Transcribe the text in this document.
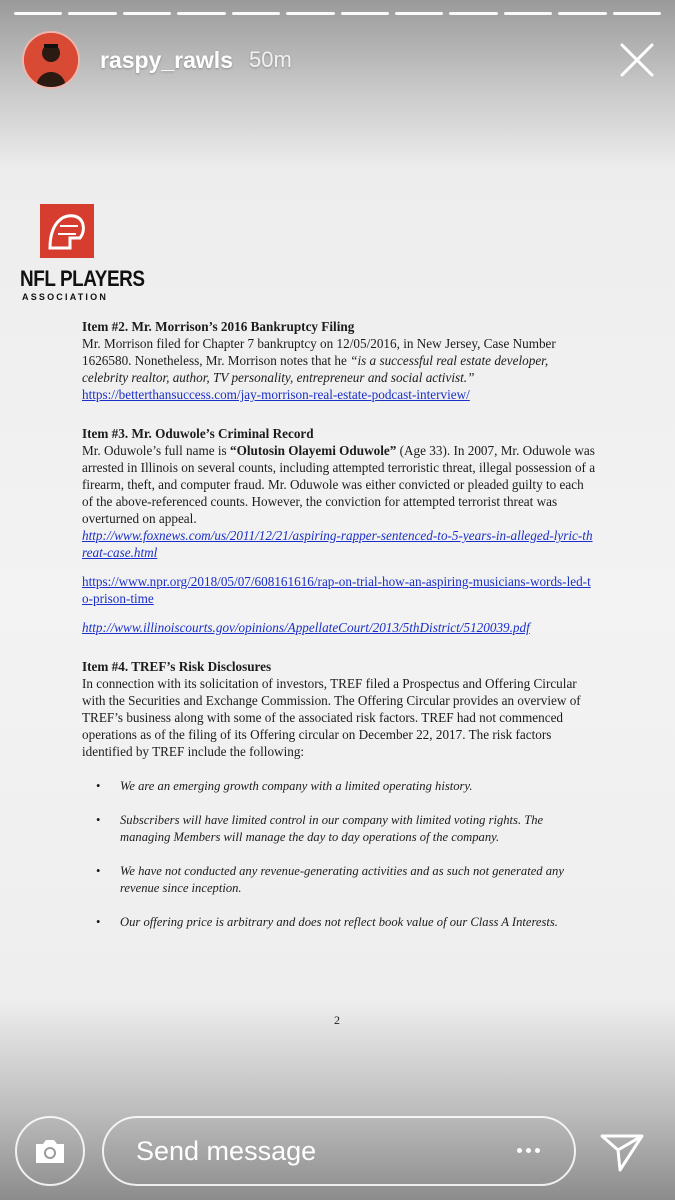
raspy_rawls 50m
NFL PLAYERS
ASSOCIATION

Item #2. Mr. Morrison’s 2016 Bankruptcy Filing

Mr. Morrison filed for Chapter 7 bankruptcy on 12/05/2016, in New Jersey, Case Number 1626580. Nonetheless, Mr. Morrison notes that he “is a successful real estate developer, celebrity realtor, author, TV personality, entrepreneur and social activist.” https://betterthansuccess.com/jay-morrison-real-estate-podcast-interview/

Item #3. Mr. Oduwole’s Criminal Record

Mr. Oduwole’s full name is “Olutosin Olayemi Oduwole” (Age 33). In 2007, Mr. Oduwole was arrested in Illinois on several counts, including attempted terroristic threat, illegal possession of a firearm, theft, and computer fraud. Mr. Oduwole was either convicted or pleaded guilty to each of the above-referenced counts. However, the conviction for attempted terrorist threat was overturned on appeal.

http://www.foxnews.com/us/2011/12/21/aspiring-rapper-sentenced-to-5-years-in-alleged-lyric-threat-case.html
https://www.npr.org/2018/05/07/608161616/rap-on-trial-how-an-aspiring-musicians-words-led-to-prison-time
http://www.illinoiscourts.gov/opinions/AppellateCourt/2013/5thDistrict/5120039.pdf

Item #4. TREF’s Risk Disclosures

In connection with its solicitation of investors, TREF filed a Prospectus and Offering Circular with the Securities and Exchange Commission. The Offering Circular provides an overview of TREF’s business along with some of the associated risk factors. TREF had not commenced operations as of the filing of its Offering circular on December 22, 2017. The risk factors identified by TREF include the following:

• We are an emerging growth company with a limited operating history.
• Subscribers will have limited control in our company with limited voting rights. The managing Members will manage the day to day operations of the company.
• We have not conducted any revenue-generating activities and as such not generated any revenue since inception.
• Our offering price is arbitrary and does not reflect book value of our Class A Interests.
2
Send message
